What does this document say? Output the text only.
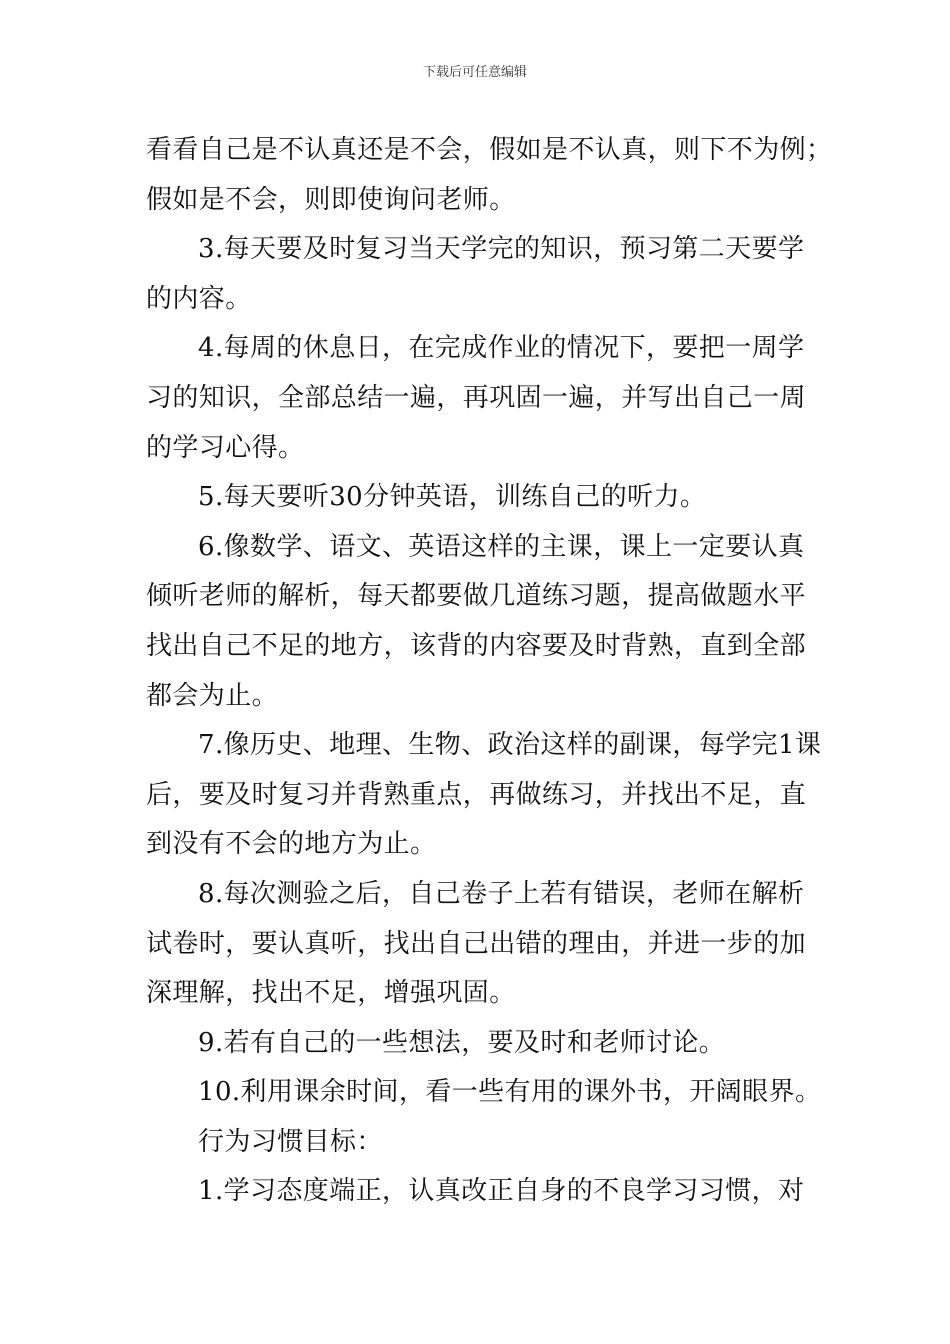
下载后可任意编辑
看看自己是不认真还是不会，假如是不认真，则下不为例；
假如是不会，则即使询问老师。
3.每天要及时复习当天学完的知识，预习第二天要学
的内容。
4.每周的休息日，在完成作业的情况下，要把一周学
习的知识，全部总结一遍，再巩固一遍，并写出自己一周
的学习心得。
5.每天要听30分钟英语，训练自己的听力。
6.像数学、语文、英语这样的主课，课上一定要认真
倾听老师的解析，每天都要做几道练习题，提高做题水平
找出自己不足的地方，该背的内容要及时背熟，直到全部
都会为止。
7.像历史、地理、生物、政治这样的副课，每学完1课
后，要及时复习并背熟重点，再做练习，并找出不足，直
到没有不会的地方为止。
8.每次测验之后，自己卷子上若有错误，老师在解析
试卷时，要认真听，找出自己出错的理由，并进一步的加
深理解，找出不足，增强巩固。
9.若有自己的一些想法，要及时和老师讨论。
10.利用课余时间，看一些有用的课外书，开阔眼界。
行为习惯目标：
1.学习态度端正，认真改正自身的不良学习习惯，对
